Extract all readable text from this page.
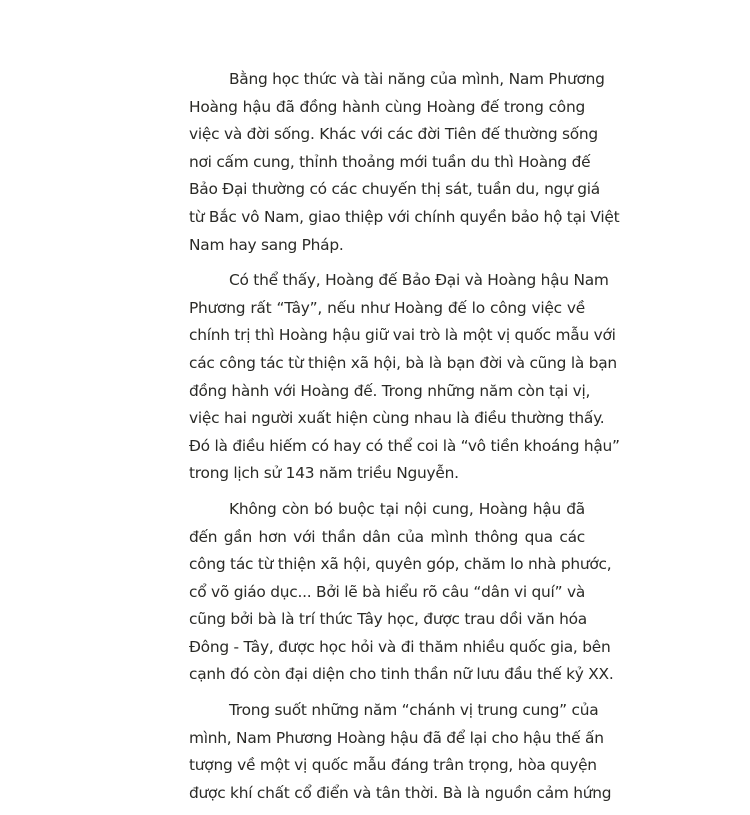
Bằng học thức và tài năng của mình, Nam Phương
Hoàng hậu đã đồng hành cùng Hoàng đế trong công
việc và đời sống. Khác với các đời Tiên đế thường sống
nơi cấm cung, thỉnh thoảng mới tuần du thì Hoàng đế
Bảo Đại thường có các chuyến thị sát, tuần du, ngự giá
từ Bắc vô Nam, giao thiệp với chính quyền bảo hộ tại Việt
Nam hay sang Pháp.
Có thể thấy, Hoàng đế Bảo Đại và Hoàng hậu Nam
Phương rất “Tây”, nếu như Hoàng đế lo công việc về
chính trị thì Hoàng hậu giữ vai trò là một vị quốc mẫu với
các công tác từ thiện xã hội, bà là bạn đời và cũng là bạn
đồng hành với Hoàng đế. Trong những năm còn tại vị,
việc hai người xuất hiện cùng nhau là điều thường thấy.
Đó là điều hiếm có hay có thể coi là “vô tiền khoáng hậu”
trong lịch sử 143 năm triều Nguyễn.
Không còn bó buộc tại nội cung, Hoàng hậu đã
đến gần hơn với thần dân của mình thông qua các
công tác từ thiện xã hội, quyên góp, chăm lo nhà phước,
cổ võ giáo dục... Bởi lẽ bà hiểu rõ câu “dân vi quí” và
cũng bởi bà là trí thức Tây học, được trau dồi văn hóa
Đông - Tây, được học hỏi và đi thăm nhiều quốc gia, bên
cạnh đó còn đại diện cho tinh thần nữ lưu đầu thế kỷ XX.
Trong suốt những năm “chánh vị trung cung” của
mình, Nam Phương Hoàng hậu đã để lại cho hậu thế ấn
tượng về một vị quốc mẫu đáng trân trọng, hòa quyện
được khí chất cổ điển và tân thời. Bà là nguồn cảm hứng
